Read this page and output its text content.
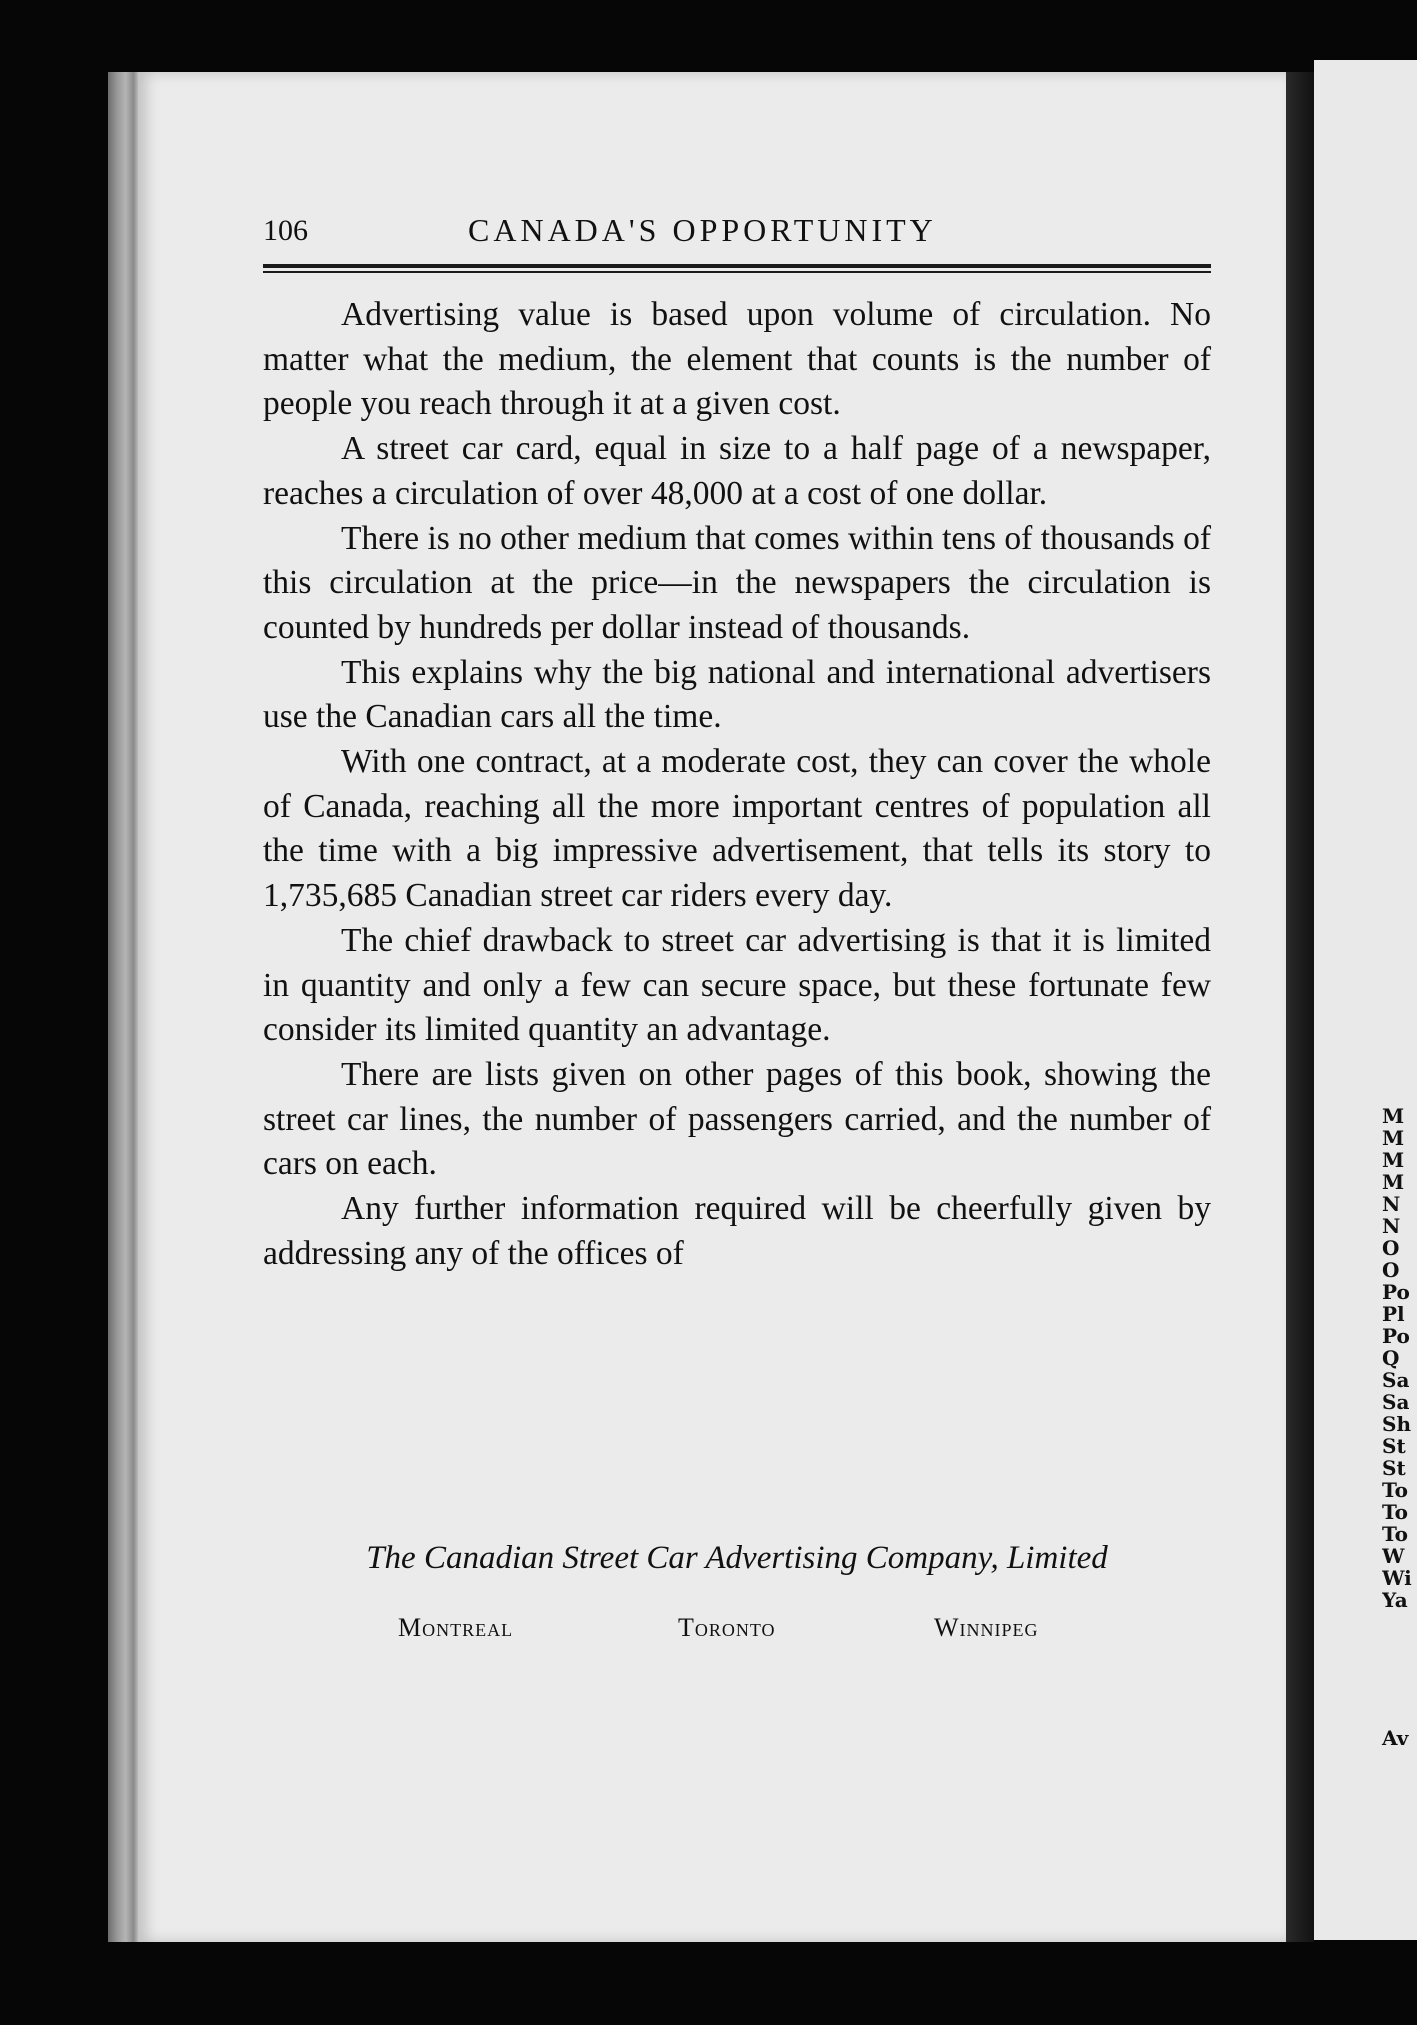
106	CANADA'S OPPORTUNITY

Advertising value is based upon volume of circulation. No matter what the medium, the element that counts is the number of people you reach through it at a given cost.

A street car card, equal in size to a half page of a newspaper, reaches a circulation of over 48,000 at a cost of one dollar.

There is no other medium that comes within tens of thousands of this circulation at the price—in the newspapers the circulation is counted by hundreds per dollar instead of thousands.

This explains why the big national and international advertisers use the Canadian cars all the time.

With one contract, at a moderate cost, they can cover the whole of Canada, reaching all the more important centres of population all the time with a big impressive advertisement, that tells its story to 1,735,685 Canadian street car riders every day.

The chief drawback to street car advertising is that it is limited in quantity and only a few can secure space, but these fortunate few consider its limited quantity an advantage.

There are lists given on other pages of this book, showing the street car lines, the number of passengers carried, and the number of cars on each.

Any further information required will be cheerfully given by addressing any of the offices of

The Canadian Street Car Advertising Company, Limited
Montreal	Toronto	Winnipeg
M
M
M
M
N
N
O
O
Po
Pl
Po
Q
Sa
Sa
Sh
St
St
To
To
To
W
Wi
Ya
Av
